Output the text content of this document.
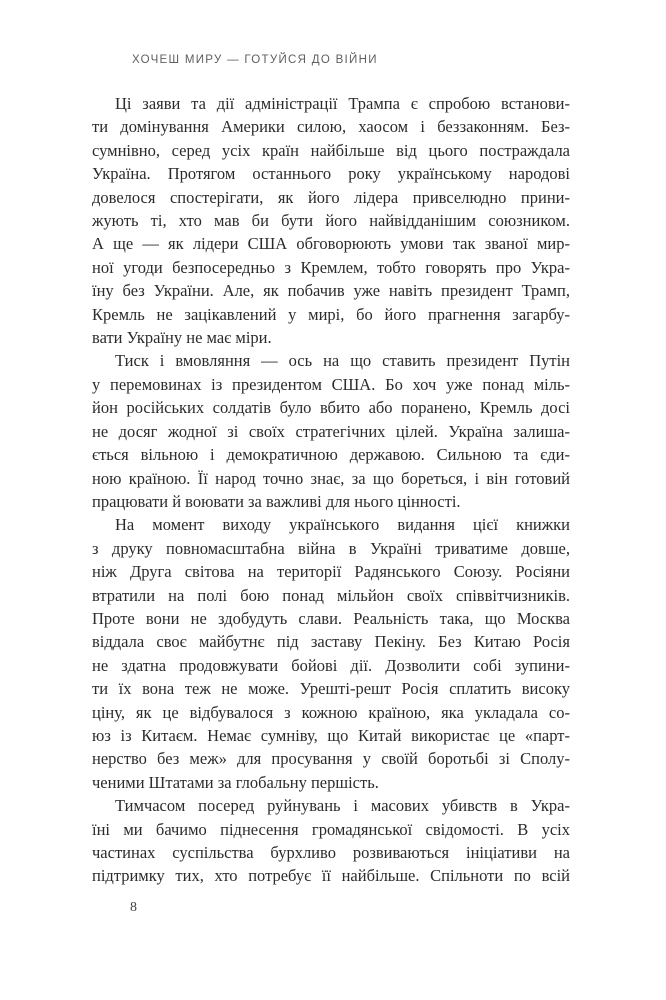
ХОЧЕШ МИРУ — ГОТУЙСЯ ДО ВІЙНИ
Ці заяви та дії адміністрації Трампа є спробою встанови-
ти домінування Америки силою, хаосом і беззаконням. Без-
сумнівно, серед усіх країн найбільше від цього постраждала
Україна. Протягом останнього року українському народові
довелося спостерігати, як його лідера привселюдно прини-
жують ті, хто мав би бути його найвідданішим союзником.
А ще — як лідери США обговорюють умови так званої мир-
ної угоди безпосередньо з Кремлем, тобто говорять про Укра-
їну без України. Але, як побачив уже навіть президент Трамп,
Кремль не зацікавлений у мирі, бо його прагнення загарбу-
вати Україну не має міри.
Тиск і вмовляння — ось на що ставить президент Путін
у перемовинах із президентом США. Бо хоч уже понад міль-
йон російських солдатів було вбито або поранено, Кремль досі
не досяг жодної зі своїх стратегічних цілей. Україна залиша-
ється вільною і демократичною державою. Сильною та єди-
ною країною. Її народ точно знає, за що бореться, і він готовий
працювати й воювати за важливі для нього цінності.
На момент виходу українського видання цієї книжки
з друку повномасштабна війна в Україні триватиме довше,
ніж Друга світова на території Радянського Союзу. Росіяни
втратили на полі бою понад мільйон своїх співвітчизників.
Проте вони не здобудуть слави. Реальність така, що Москва
віддала своє майбутнє під заставу Пекіну. Без Китаю Росія
не здатна продовжувати бойові дії. Дозволити собі зупини-
ти їх вона теж не може. Урешті-решт Росія сплатить високу
ціну, як це відбувалося з кожною країною, яка укладала со-
юз із Китаєм. Немає сумніву, що Китай використає це «парт-
нерство без меж» для просування у своїй боротьбі зі Сполу-
ченими Штатами за глобальну першість.
Тимчасом посеред руйнувань і масових убивств в Укра-
їні ми бачимо піднесення громадянської свідомості. В усіх
частинах суспільства бурхливо розвиваються ініціативи на
підтримку тих, хто потребує її найбільше. Спільноти по всій
8
